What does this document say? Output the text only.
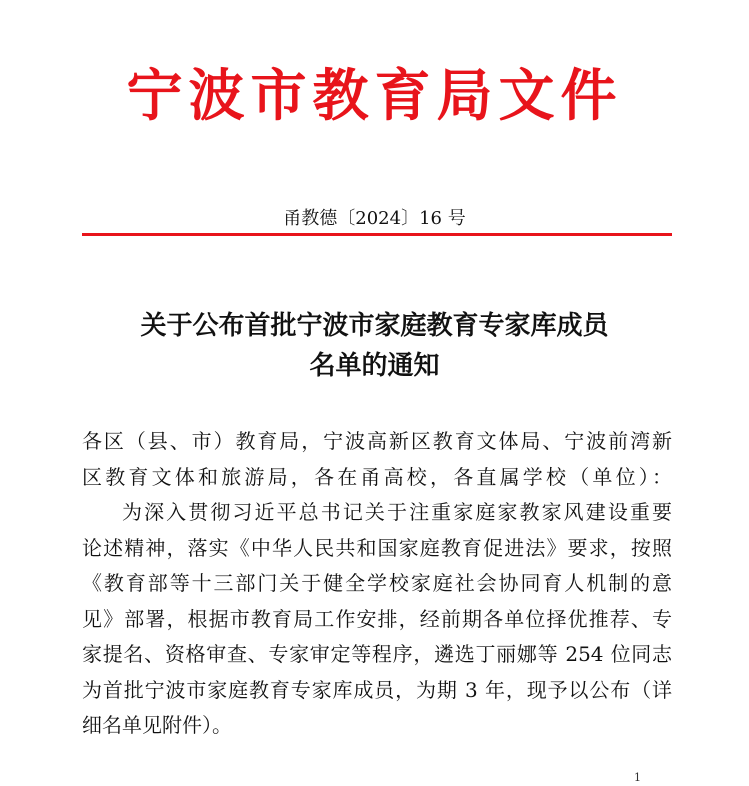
宁波市教育局文件
甬教德〔2024〕16 号
关于公布首批宁波市家庭教育专家库成员
名单的通知
各区（县、市）教育局，宁波高新区教育文体局、宁波前湾新
区教育文体和旅游局，各在甬高校，各直属学校（单位）：
为深入贯彻习近平总书记关于注重家庭家教家风建设重要
论述精神，落实《中华人民共和国家庭教育促进法》要求，按照
《教育部等十三部门关于健全学校家庭社会协同育人机制的意
见》部署，根据市教育局工作安排，经前期各单位择优推荐、专
家提名、资格审查、专家审定等程序，遴选丁丽娜等 254 位同志
为首批宁波市家庭教育专家库成员，为期 3 年，现予以公布（详
细名单见附件）。
1
